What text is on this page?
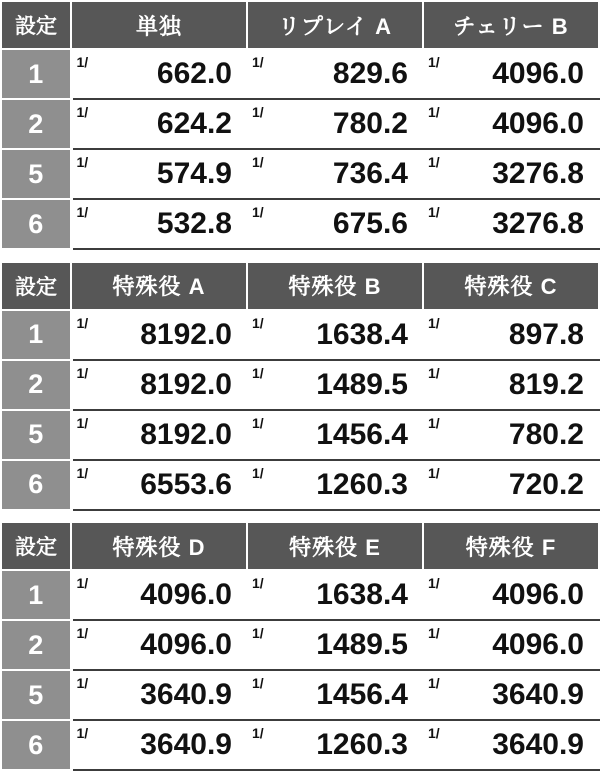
設定	単独	リプレイ A	チェリー B
1	1/ 662.0	1/ 829.6	1/ 4096.0

2	1/ 624.2	1/ 780.2	1/ 4096.0

5	1/ 574.9	1/ 736.4	1/ 3276.8

6	1/ 532.8	1/ 675.6	1/ 3276.8
設定	特殊役 A	特殊役 B	特殊役 C
1	1/ 8192.0	1/ 1638.4	1/ 897.8

2	1/ 8192.0	1/ 1489.5	1/ 819.2

5	1/ 8192.0	1/ 1456.4	1/ 780.2

6	1/ 6553.6	1/ 1260.3	1/ 720.2
設定	特殊役 D	特殊役 E	特殊役 F
1	1/ 4096.0	1/ 1638.4	1/ 4096.0

2	1/ 4096.0	1/ 1489.5	1/ 4096.0

5	1/ 3640.9	1/ 1456.4	1/ 3640.9

6	1/ 3640.9	1/ 1260.3	1/ 3640.9
